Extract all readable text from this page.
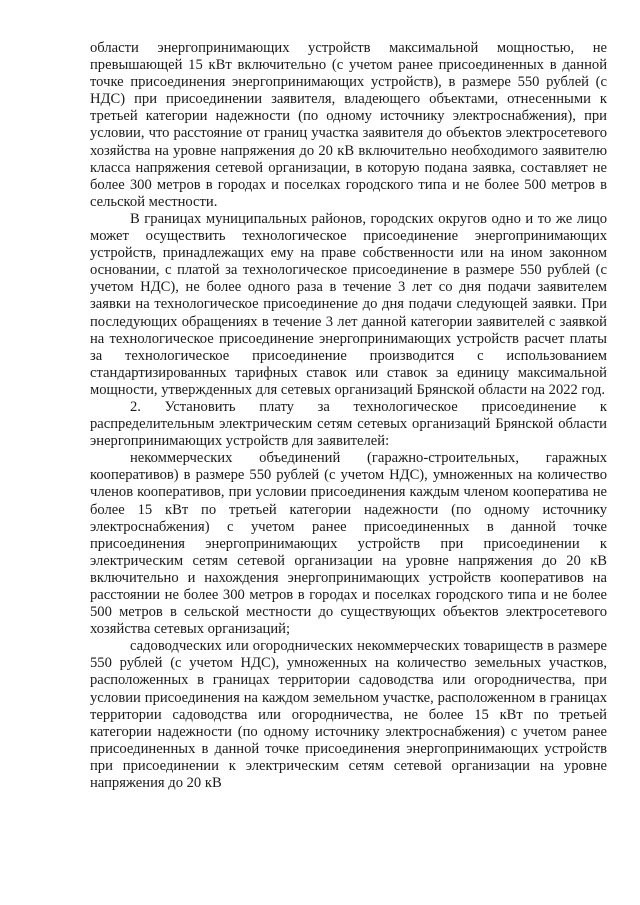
области энергопринимающих устройств максимальной мощностью, не превышающей 15 кВт включительно (с учетом ранее присоединенных в данной точке присоединения энергопринимающих устройств), в размере 550 рублей (с НДС) при присоединении заявителя, владеющего объектами, отнесенными к третьей категории надежности (по одному источнику электроснабжения), при условии, что расстояние от границ участка заявителя до объектов электросетевого хозяйства на уровне напряжения до 20 кВ включительно необходимого заявителю класса напряжения сетевой организации, в которую подана заявка, составляет не более 300 метров в городах и поселках городского типа и не более 500 метров в сельской местности.

В границах муниципальных районов, городских округов одно и то же лицо может осуществить технологическое присоединение энергопринимающих устройств, принадлежащих ему на праве собственности или на ином законном основании, с платой за технологическое присоединение в размере 550 рублей (с учетом НДС), не более одного раза в течение 3 лет со дня подачи заявителем заявки на технологическое присоединение до дня подачи следующей заявки. При последующих обращениях в течение 3 лет данной категории заявителей с заявкой на технологическое присоединение энергопринимающих устройств расчет платы за технологическое присоединение производится с использованием стандартизированных тарифных ставок или ставок за единицу максимальной мощности, утвержденных для сетевых организаций Брянской области на 2022 год.

2. Установить плату за технологическое присоединение к распределительным электрическим сетям сетевых организаций Брянской области энергопринимающих устройств для заявителей:

некоммерческих объединений (гаражно-строительных, гаражных кооперативов) в размере 550 рублей (с учетом НДС), умноженных на количество членов кооперативов, при условии присоединения каждым членом кооператива не более 15 кВт по третьей категории надежности (по одному источнику электроснабжения) с учетом ранее присоединенных в данной точке присоединения энергопринимающих устройств при присоединении к электрическим сетям сетевой организации на уровне напряжения до 20 кВ включительно и нахождения энергопринимающих устройств кооперативов на расстоянии не более 300 метров в городах и поселках городского типа и не более 500 метров в сельской местности до существующих объектов электросетевого хозяйства сетевых организаций;

садоводческих или огороднических некоммерческих товариществ в размере 550 рублей (с учетом НДС), умноженных на количество земельных участков, расположенных в границах территории садоводства или огородничества, при условии присоединения на каждом земельном участке, расположенном в границах территории садоводства или огородничества, не более 15 кВт по третьей категории надежности (по одному источнику электроснабжения) с учетом ранее присоединенных в данной точке присоединения энергопринимающих устройств при присоединении к электрическим сетям сетевой организации на уровне напряжения до 20 кВ
